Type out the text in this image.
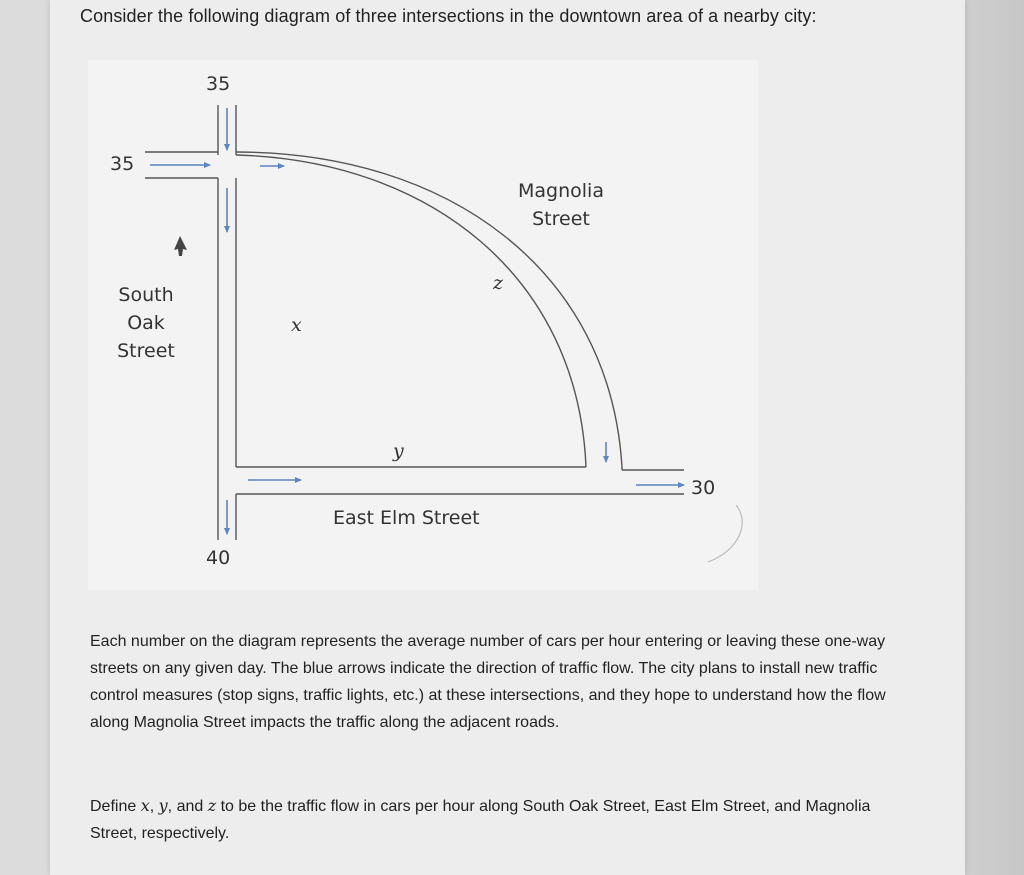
Consider the following diagram of three intersections in the downtown area of a nearby city:
35
35
40
30
South
Oak
Street
Magnolia
Street
East Elm Street
x
y
z
Each number on the diagram represents the average number of cars per hour entering or leaving these one-way streets on any given day. The blue arrows indicate the direction of traffic flow. The city plans to install new traffic control measures (stop signs, traffic lights, etc.) at these intersections, and they hope to understand how the flow along Magnolia Street impacts the traffic along the adjacent roads.
Define x, y, and z to be the traffic flow in cars per hour along South Oak Street, East Elm Street, and Magnolia Street, respectively.
